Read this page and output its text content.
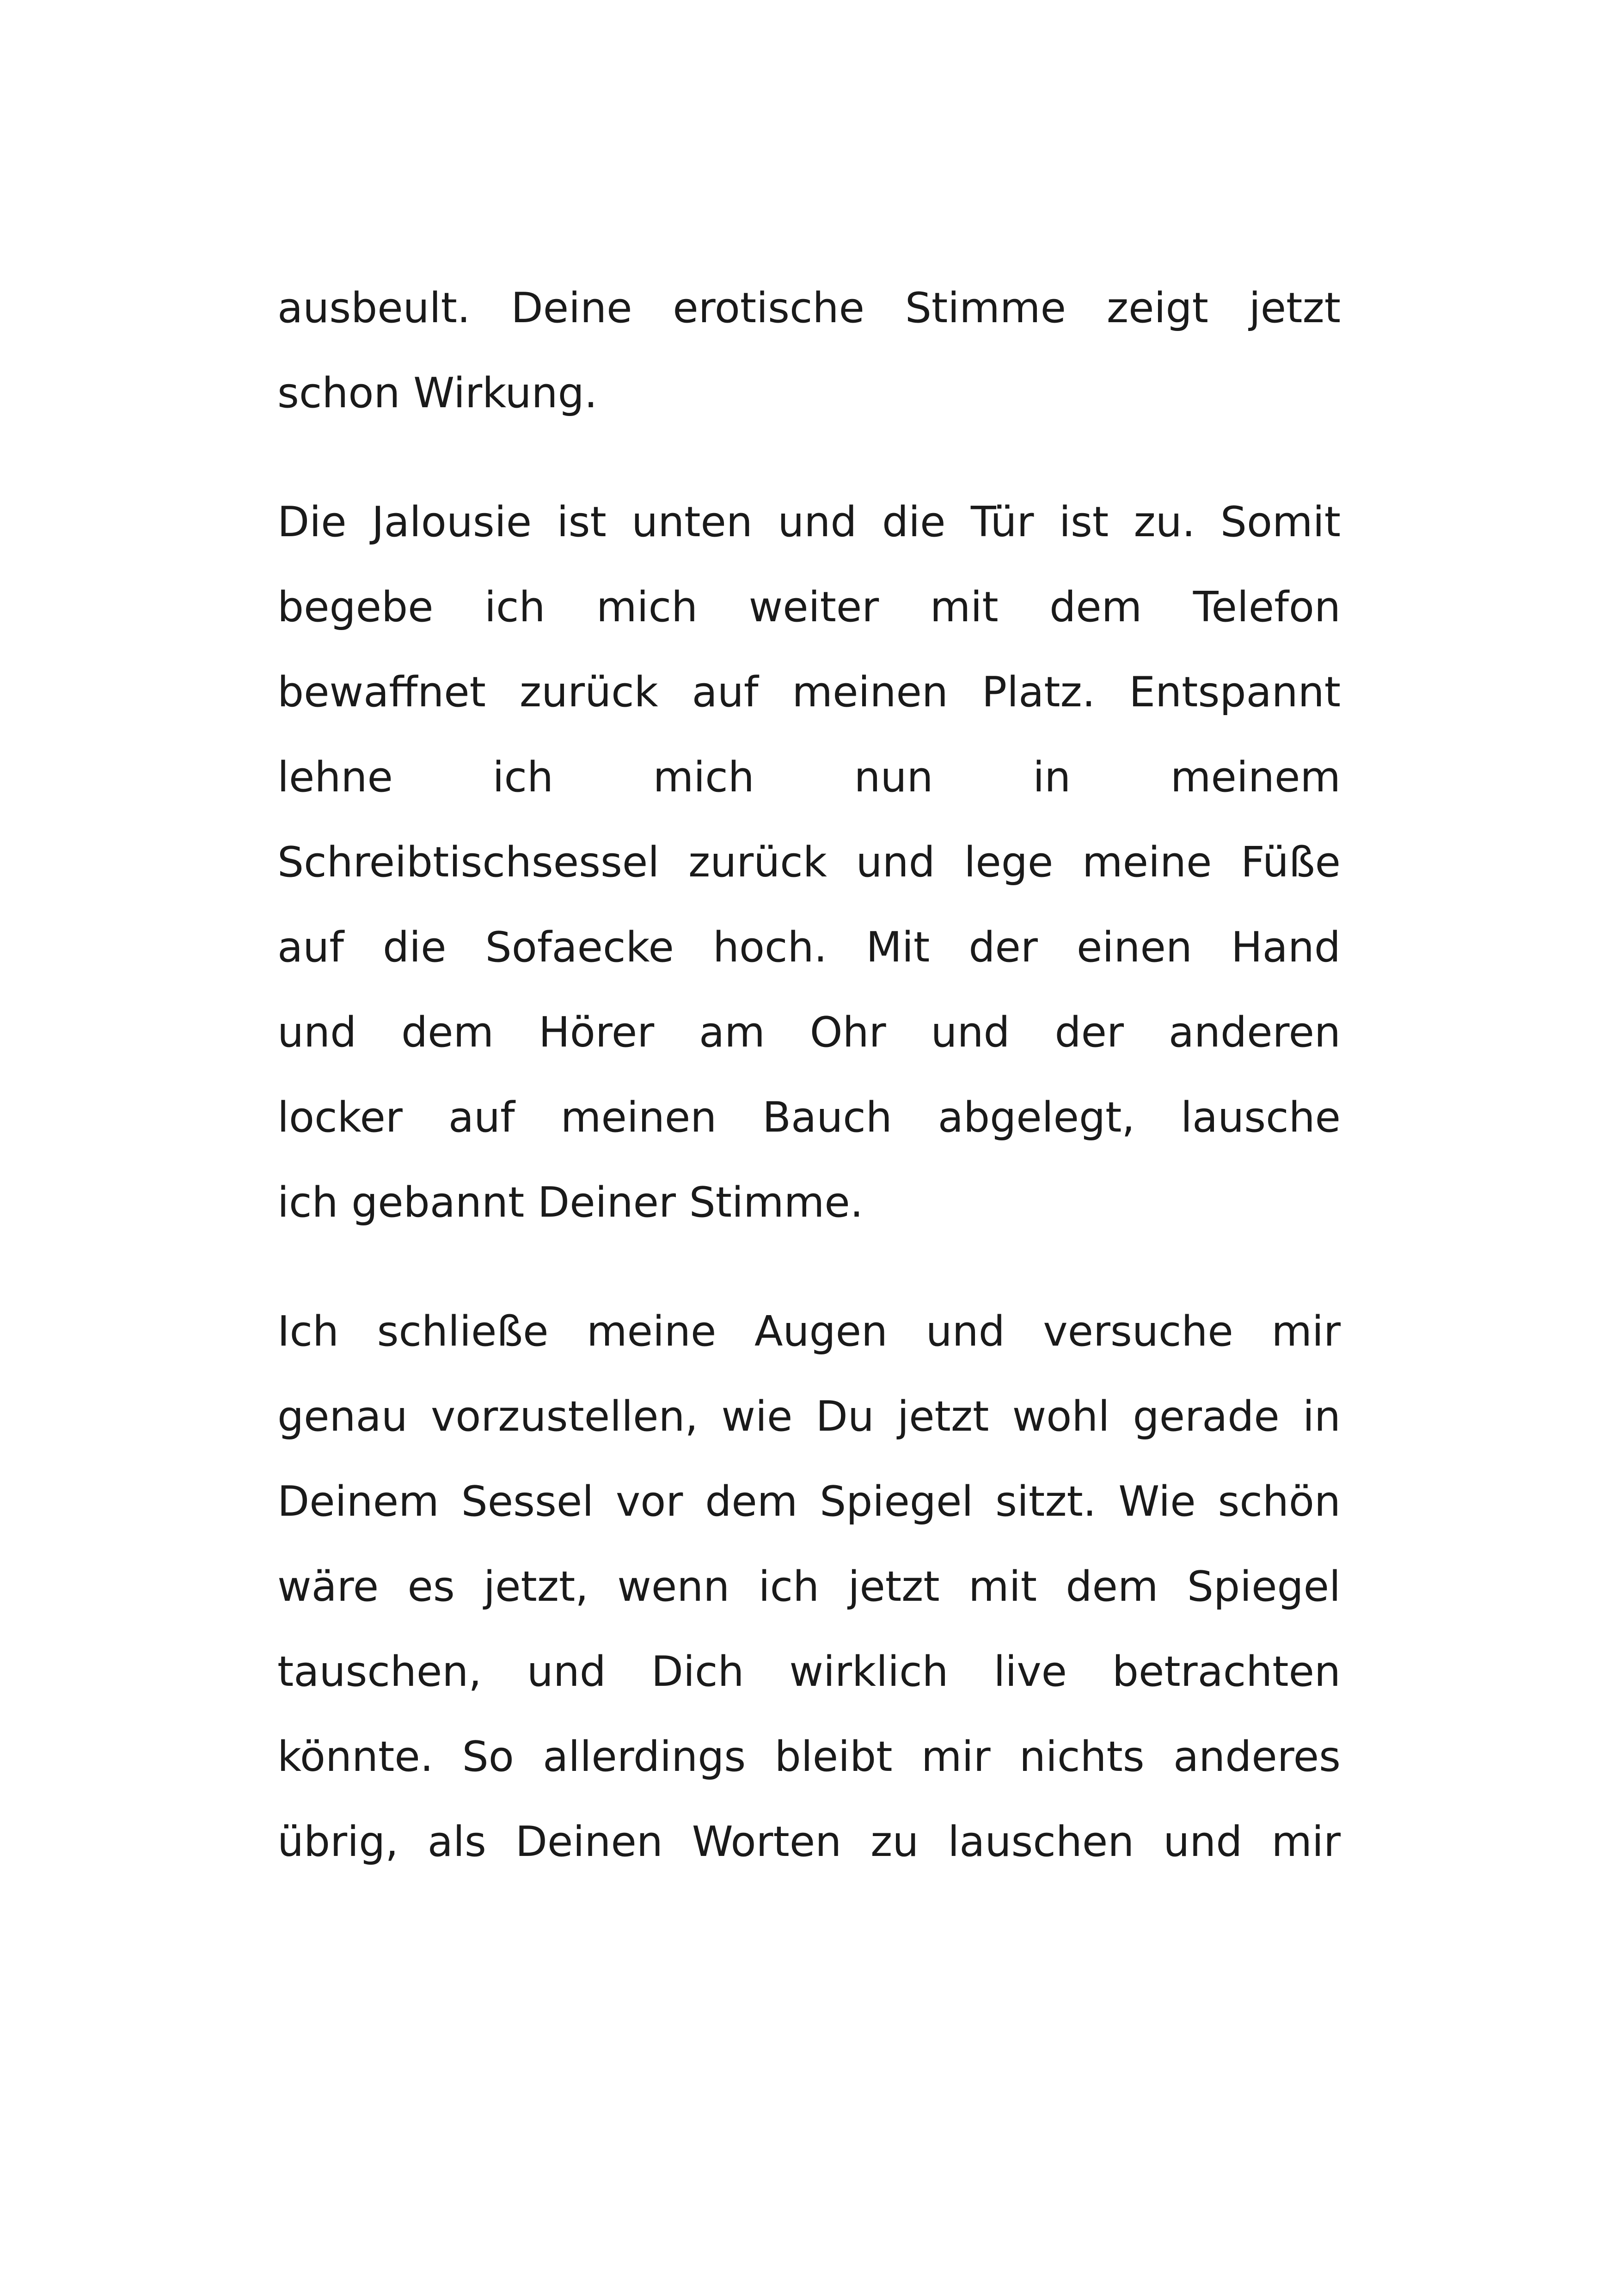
ausbeult. Deine erotische Stimme zeigt jetzt
schon Wirkung.
Die Jalousie ist unten und die Tür ist zu. Somit
begebe ich mich weiter mit dem Telefon
bewaffnet zurück auf meinen Platz. Entspannt
lehne ich mich nun in meinem
Schreibtischsessel zurück und lege meine Füße
auf die Sofaecke hoch. Mit der einen Hand
und dem Hörer am Ohr und der anderen
locker auf meinen Bauch abgelegt, lausche
ich gebannt Deiner Stimme.
Ich schließe meine Augen und versuche mir
genau vorzustellen, wie Du jetzt wohl gerade in
Deinem Sessel vor dem Spiegel sitzt. Wie schön
wäre es jetzt, wenn ich jetzt mit dem Spiegel
tauschen, und Dich wirklich live betrachten
könnte. So allerdings bleibt mir nichts anderes
übrig, als Deinen Worten zu lauschen und mir
